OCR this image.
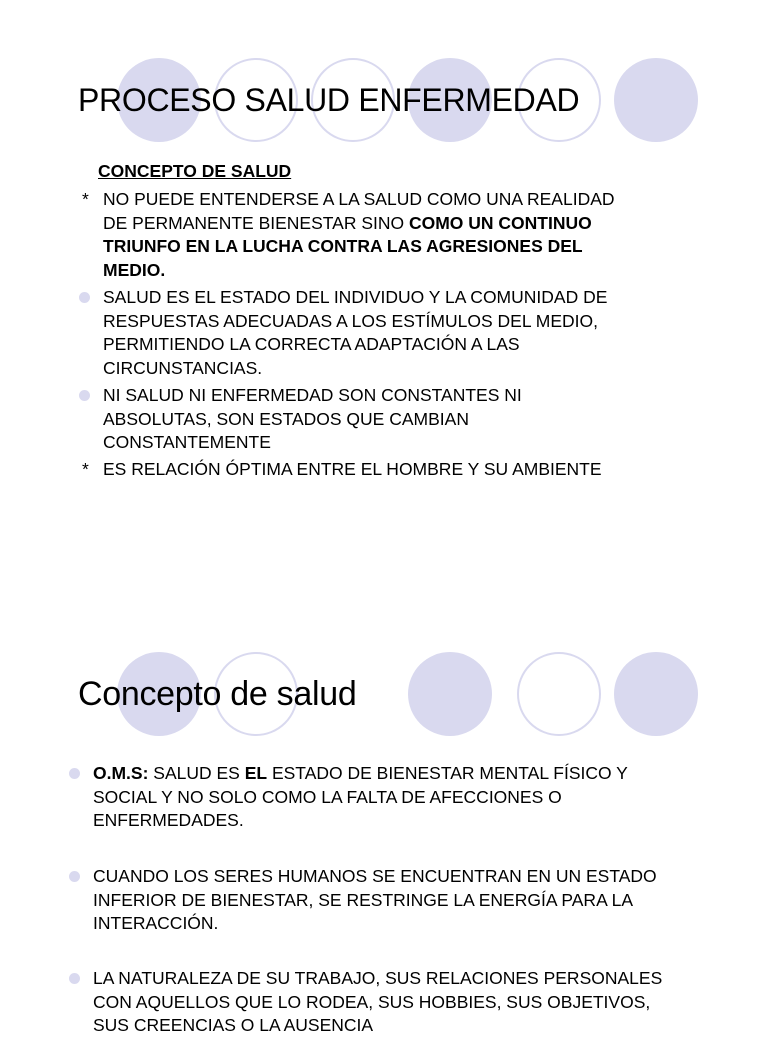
PROCESO SALUD ENFERMEDAD

CONCEPTO DE SALUD

* NO PUEDE ENTENDERSE A LA SALUD COMO UNA REALIDAD
DE PERMANENTE BIENESTAR SINO COMO UN CONTINUO
TRIUNFO EN LA LUCHA CONTRA LAS AGRESIONES DEL
MEDIO.

SALUD ES EL ESTADO DEL INDIVIDUO Y LA COMUNIDAD DE RESPUESTAS ADECUADAS A LOS ESTÍMULOS DEL MEDIO, PERMITIENDO LA CORRECTA ADAPTACIÓN A LAS CIRCUNSTANCIAS.

NI SALUD NI ENFERMEDAD SON CONSTANTES NI ABSOLUTAS, SON ESTADOS QUE CAMBIAN CONSTANTEMENTE

* ES RELACIÓN ÓPTIMA ENTRE EL HOMBRE Y SU AMBIENTE

Concepto de salud

O.M.S: SALUD ES EL ESTADO DE BIENESTAR MENTAL FÍSICO Y SOCIAL Y NO SOLO COMO LA FALTA DE AFECCIONES O ENFERMEDADES.

CUANDO LOS SERES HUMANOS SE ENCUENTRAN EN UN ESTADO INFERIOR DE BIENESTAR, SE RESTRINGE LA ENERGÍA PARA LA INTERACCIÓN.

LA NATURALEZA DE SU TRABAJO, SUS RELACIONES PERSONALES CON AQUELLOS QUE LO RODEA, SUS HOBBIES, SUS OBJETIVOS, SUS CREENCIAS O LA AUSENCIA
